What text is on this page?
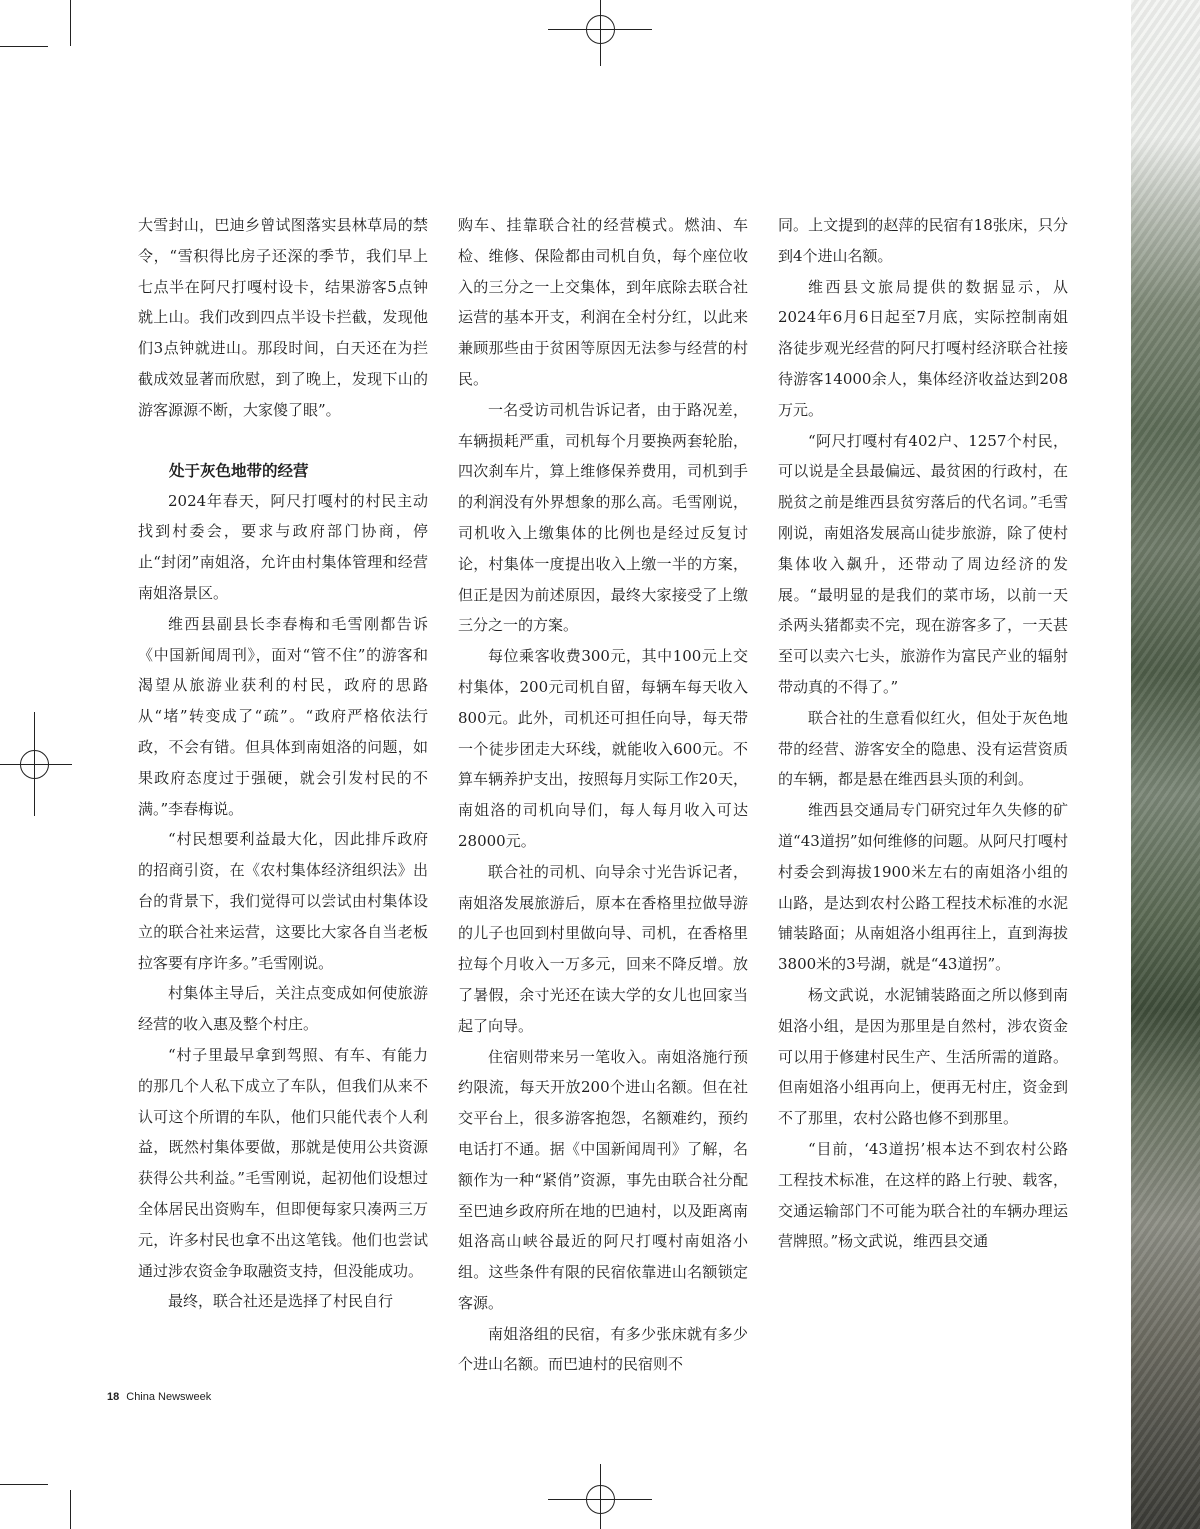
大雪封山，巴迪乡曾试图落实县林草局的禁令，“雪积得比房子还深的季节，我们早上七点半在阿尺打嘎村设卡，结果游客5点钟就上山。我们改到四点半设卡拦截，发现他们3点钟就进山。那段时间，白天还在为拦截成效显著而欣慰，到了晚上，发现下山的游客源源不断，大家傻了眼”。

处于灰色地带的经营

2024年春天，阿尺打嘎村的村民主动找到村委会，要求与政府部门协商，停止“封闭”南姐洛，允许由村集体管理和经营南姐洛景区。

维西县副县长李春梅和毛雪刚都告诉《中国新闻周刊》，面对“管不住”的游客和渴望从旅游业获利的村民，政府的思路从“堵”转变成了“疏”。“政府严格依法行政，不会有错。但具体到南姐洛的问题，如果政府态度过于强硬，就会引发村民的不满。”李春梅说。

“村民想要利益最大化，因此排斥政府的招商引资，在《农村集体经济组织法》出台的背景下，我们觉得可以尝试由村集体设立的联合社来运营，这要比大家各自当老板拉客要有序许多。”毛雪刚说。

村集体主导后，关注点变成如何使旅游经营的收入惠及整个村庄。

“村子里最早拿到驾照、有车、有能力的那几个人私下成立了车队，但我们从来不认可这个所谓的车队，他们只能代表个人利益，既然村集体要做，那就是使用公共资源获得公共利益。”毛雪刚说，起初他们设想过全体居民出资购车，但即便每家只凑两三万元，许多村民也拿不出这笔钱。他们也尝试通过涉农资金争取融资支持，但没能成功。

最终，联合社还是选择了村民自行

购车、挂靠联合社的经营模式。燃油、车检、维修、保险都由司机自负，每个座位收入的三分之一上交集体，到年底除去联合社运营的基本开支，利润在全村分红，以此来兼顾那些由于贫困等原因无法参与经营的村民。

一名受访司机告诉记者，由于路况差，车辆损耗严重，司机每个月要换两套轮胎，四次刹车片，算上维修保养费用，司机到手的利润没有外界想象的那么高。毛雪刚说，司机收入上缴集体的比例也是经过反复讨论，村集体一度提出收入上缴一半的方案，但正是因为前述原因，最终大家接受了上缴三分之一的方案。

每位乘客收费300元，其中100元上交村集体，200元司机自留，每辆车每天收入800元。此外，司机还可担任向导，每天带一个徒步团走大环线，就能收入600元。不算车辆养护支出，按照每月实际工作20天，南姐洛的司机向导们，每人每月收入可达28000元。

联合社的司机、向导余寸光告诉记者，南姐洛发展旅游后，原本在香格里拉做导游的儿子也回到村里做向导、司机，在香格里拉每个月收入一万多元，回来不降反增。放了暑假，余寸光还在读大学的女儿也回家当起了向导。

住宿则带来另一笔收入。南姐洛施行预约限流，每天开放200个进山名额。但在社交平台上，很多游客抱怨，名额难约，预约电话打不通。据《中国新闻周刊》了解，名额作为一种“紧俏”资源，事先由联合社分配至巴迪乡政府所在地的巴迪村，以及距离南姐洛高山峡谷最近的阿尺打嘎村南姐洛小组。这些条件有限的民宿依靠进山名额锁定客源。

南姐洛组的民宿，有多少张床就有多少个进山名额。而巴迪村的民宿则不

同。上文提到的赵萍的民宿有18张床，只分到4个进山名额。

维西县文旅局提供的数据显示，从2024年6月6日起至7月底，实际控制南姐洛徒步观光经营的阿尺打嘎村经济联合社接待游客14000余人，集体经济收益达到208万元。

“阿尺打嘎村有402户、1257个村民，可以说是全县最偏远、最贫困的行政村，在脱贫之前是维西县贫穷落后的代名词。”毛雪刚说，南姐洛发展高山徒步旅游，除了使村集体收入飙升，还带动了周边经济的发展。“最明显的是我们的菜市场，以前一天杀两头猪都卖不完，现在游客多了，一天甚至可以卖六七头，旅游作为富民产业的辐射带动真的不得了。”

联合社的生意看似红火，但处于灰色地带的经营、游客安全的隐患、没有运营资质的车辆，都是悬在维西县头顶的利剑。

维西县交通局专门研究过年久失修的矿道“43道拐”如何维修的问题。从阿尺打嘎村村委会到海拔1900米左右的南姐洛小组的山路，是达到农村公路工程技术标准的水泥铺装路面；从南姐洛小组再往上，直到海拔3800米的3号湖，就是“43道拐”。

杨文武说，水泥铺装路面之所以修到南姐洛小组，是因为那里是自然村，涉农资金可以用于修建村民生产、生活所需的道路。但南姐洛小组再向上，便再无村庄，资金到不了那里，农村公路也修不到那里。

“目前，‘43道拐’根本达不到农村公路工程技术标准，在这样的路上行驶、载客，交通运输部门不可能为联合社的车辆办理运营牌照。”杨文武说，维西县交通

18 China Newsweek
